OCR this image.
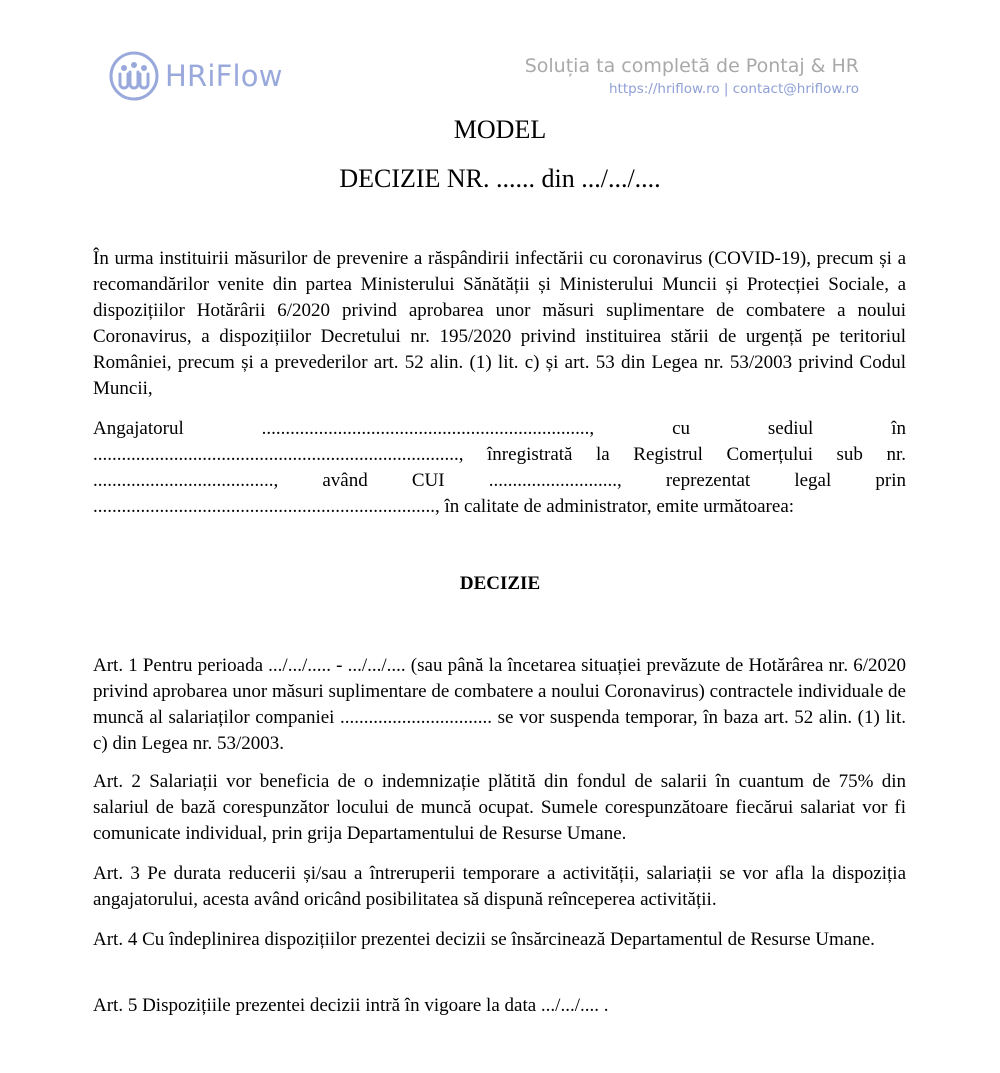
HRiFlow	Soluția ta completă de Pontaj & HR
https://hriflow.ro | contact@hriflow.ro
MODEL
DECIZIE NR. ...... din .../.../....

În urma instituirii măsurilor de prevenire a răspândirii infectării cu coronavirus (COVID-19), precum și a recomandărilor venite din partea Ministerului Sănătății și Ministerului Muncii și Protecției Sociale, a dispozițiilor Hotărârii 6/2020 privind aprobarea unor măsuri suplimentare de combatere a noului Coronavirus, a dispozițiilor Decretului nr. 195/2020 privind instituirea stării de urgență pe teritoriul României, precum și a prevederilor art. 52 alin. (1) lit. c) și art. 53 din Legea nr. 53/2003 privind Codul Muncii,

Angajatorul ....................................................................., cu sediul în ............................................................................., înregistrată la Registrul Comerțului sub nr. ......................................, având CUI ..........................., reprezentat legal prin ........................................................................, în calitate de administrator, emite următoarea:

DECIZIE

Art. 1 Pentru perioada .../.../..... - .../.../.... (sau până la încetarea situației prevăzute de Hotărârea nr. 6/2020 privind aprobarea unor măsuri suplimentare de combatere a noului Coronavirus) contractele individuale de muncă al salariaților companiei ................................ se vor suspenda temporar, în baza art. 52 alin. (1) lit. c) din Legea nr. 53/2003.

Art. 2 Salariații vor beneficia de o indemnizație plătită din fondul de salarii în cuantum de 75% din salariul de bază corespunzător locului de muncă ocupat. Sumele corespunzătoare fiecărui salariat vor fi comunicate individual, prin grija Departamentului de Resurse Umane.

Art. 3 Pe durata reducerii și/sau a întreruperii temporare a activității, salariații se vor afla la dispoziția angajatorului, acesta având oricând posibilitatea să dispună reînceperea activității.

Art. 4 Cu îndeplinirea dispozițiilor prezentei decizii se însărcinează Departamentul de Resurse Umane.

Art. 5 Dispozițiile prezentei decizii intră în vigoare la data .../.../.... .
